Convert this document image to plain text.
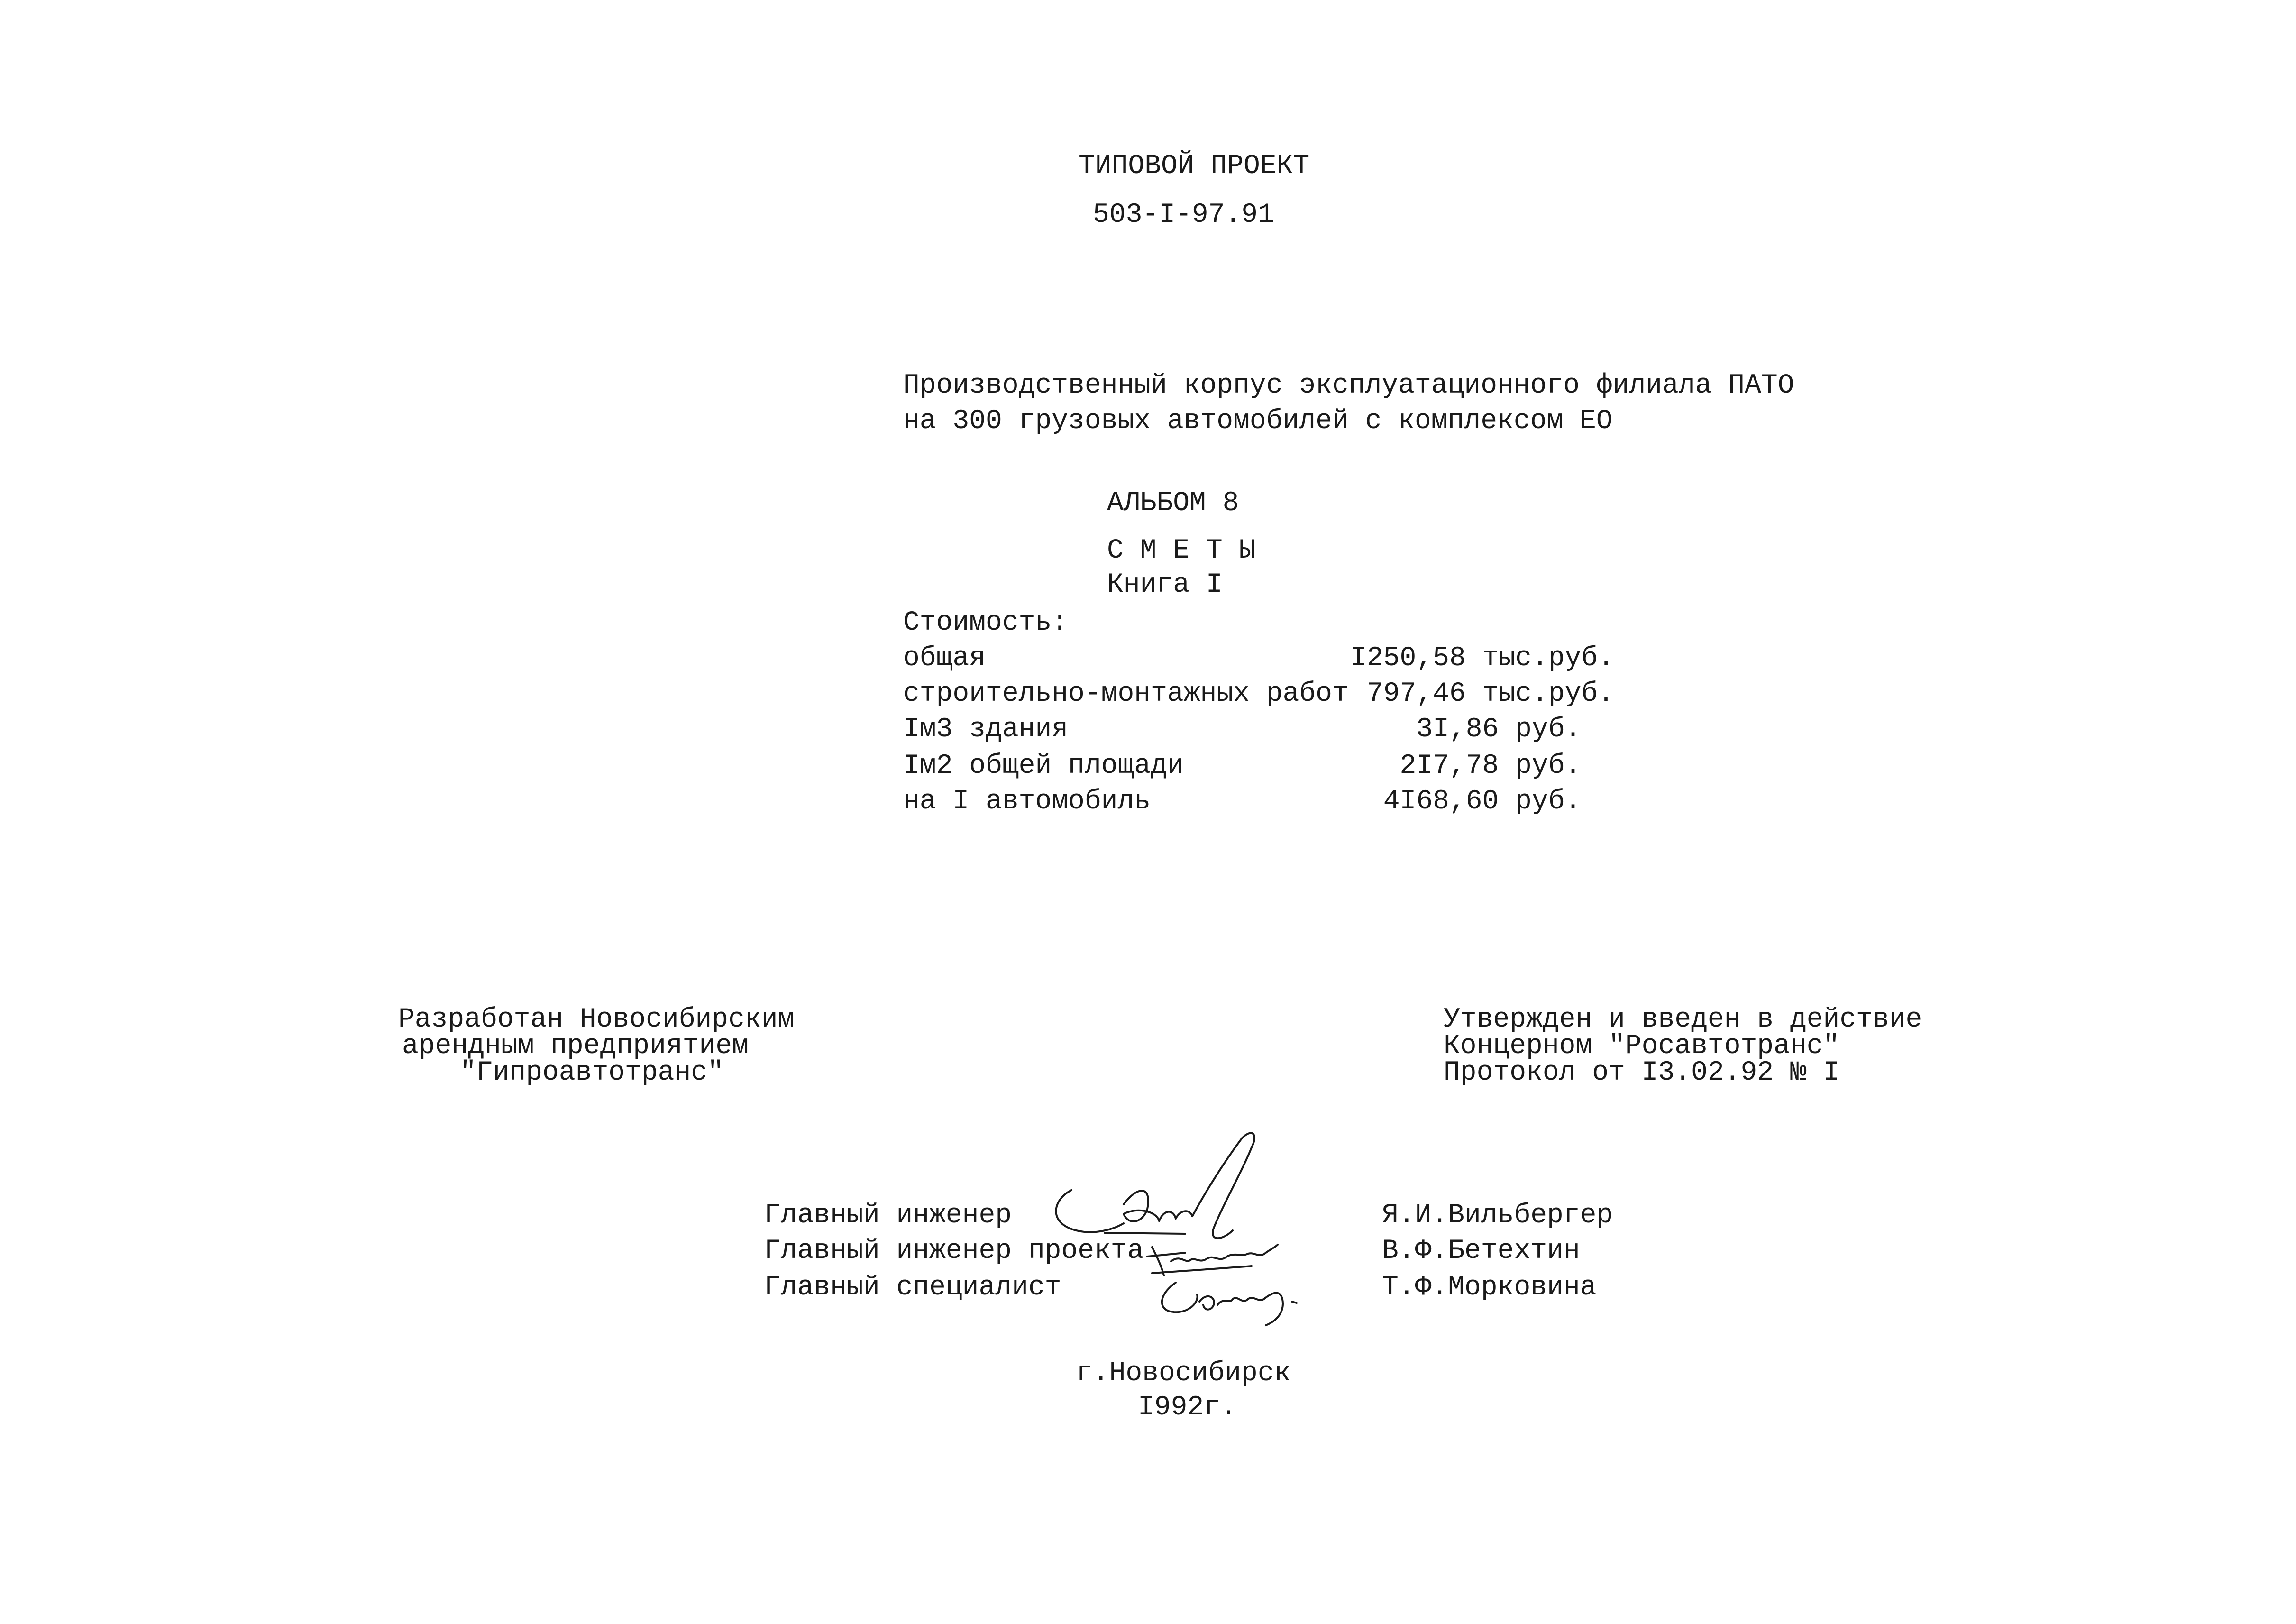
ТИПОВОЙ ПРОЕКТ
503-I-97.91
Производственный корпус эксплуатационного филиала ПАТО
на 300 грузовых автомобилей с комплексом ЕО
АЛЬБОМ 8
С М Е Т Ы
Книга I
Стоимость:
общая	I250,58 тыс.руб.
строительно-монтажных работ 797,46 тыс.руб.
Iм3 здания	3I,86 руб.
Iм2 общей площади	2I7,78 руб.
на I автомобиль	4I68,60 руб.
Разработан Новосибирским
арендным предприятием
"Гипроавтотранс"
Утвержден и введен в действие
Концерном "Росавтотранс"
Протокол от I3.02.92 № I
Главный инженер	Я.И.Вильбергер
Главный инженер проекта	В.Ф.Бетехтин
Главный специалист	Т.Ф.Морковина
г.Новосибирск
I992г.
